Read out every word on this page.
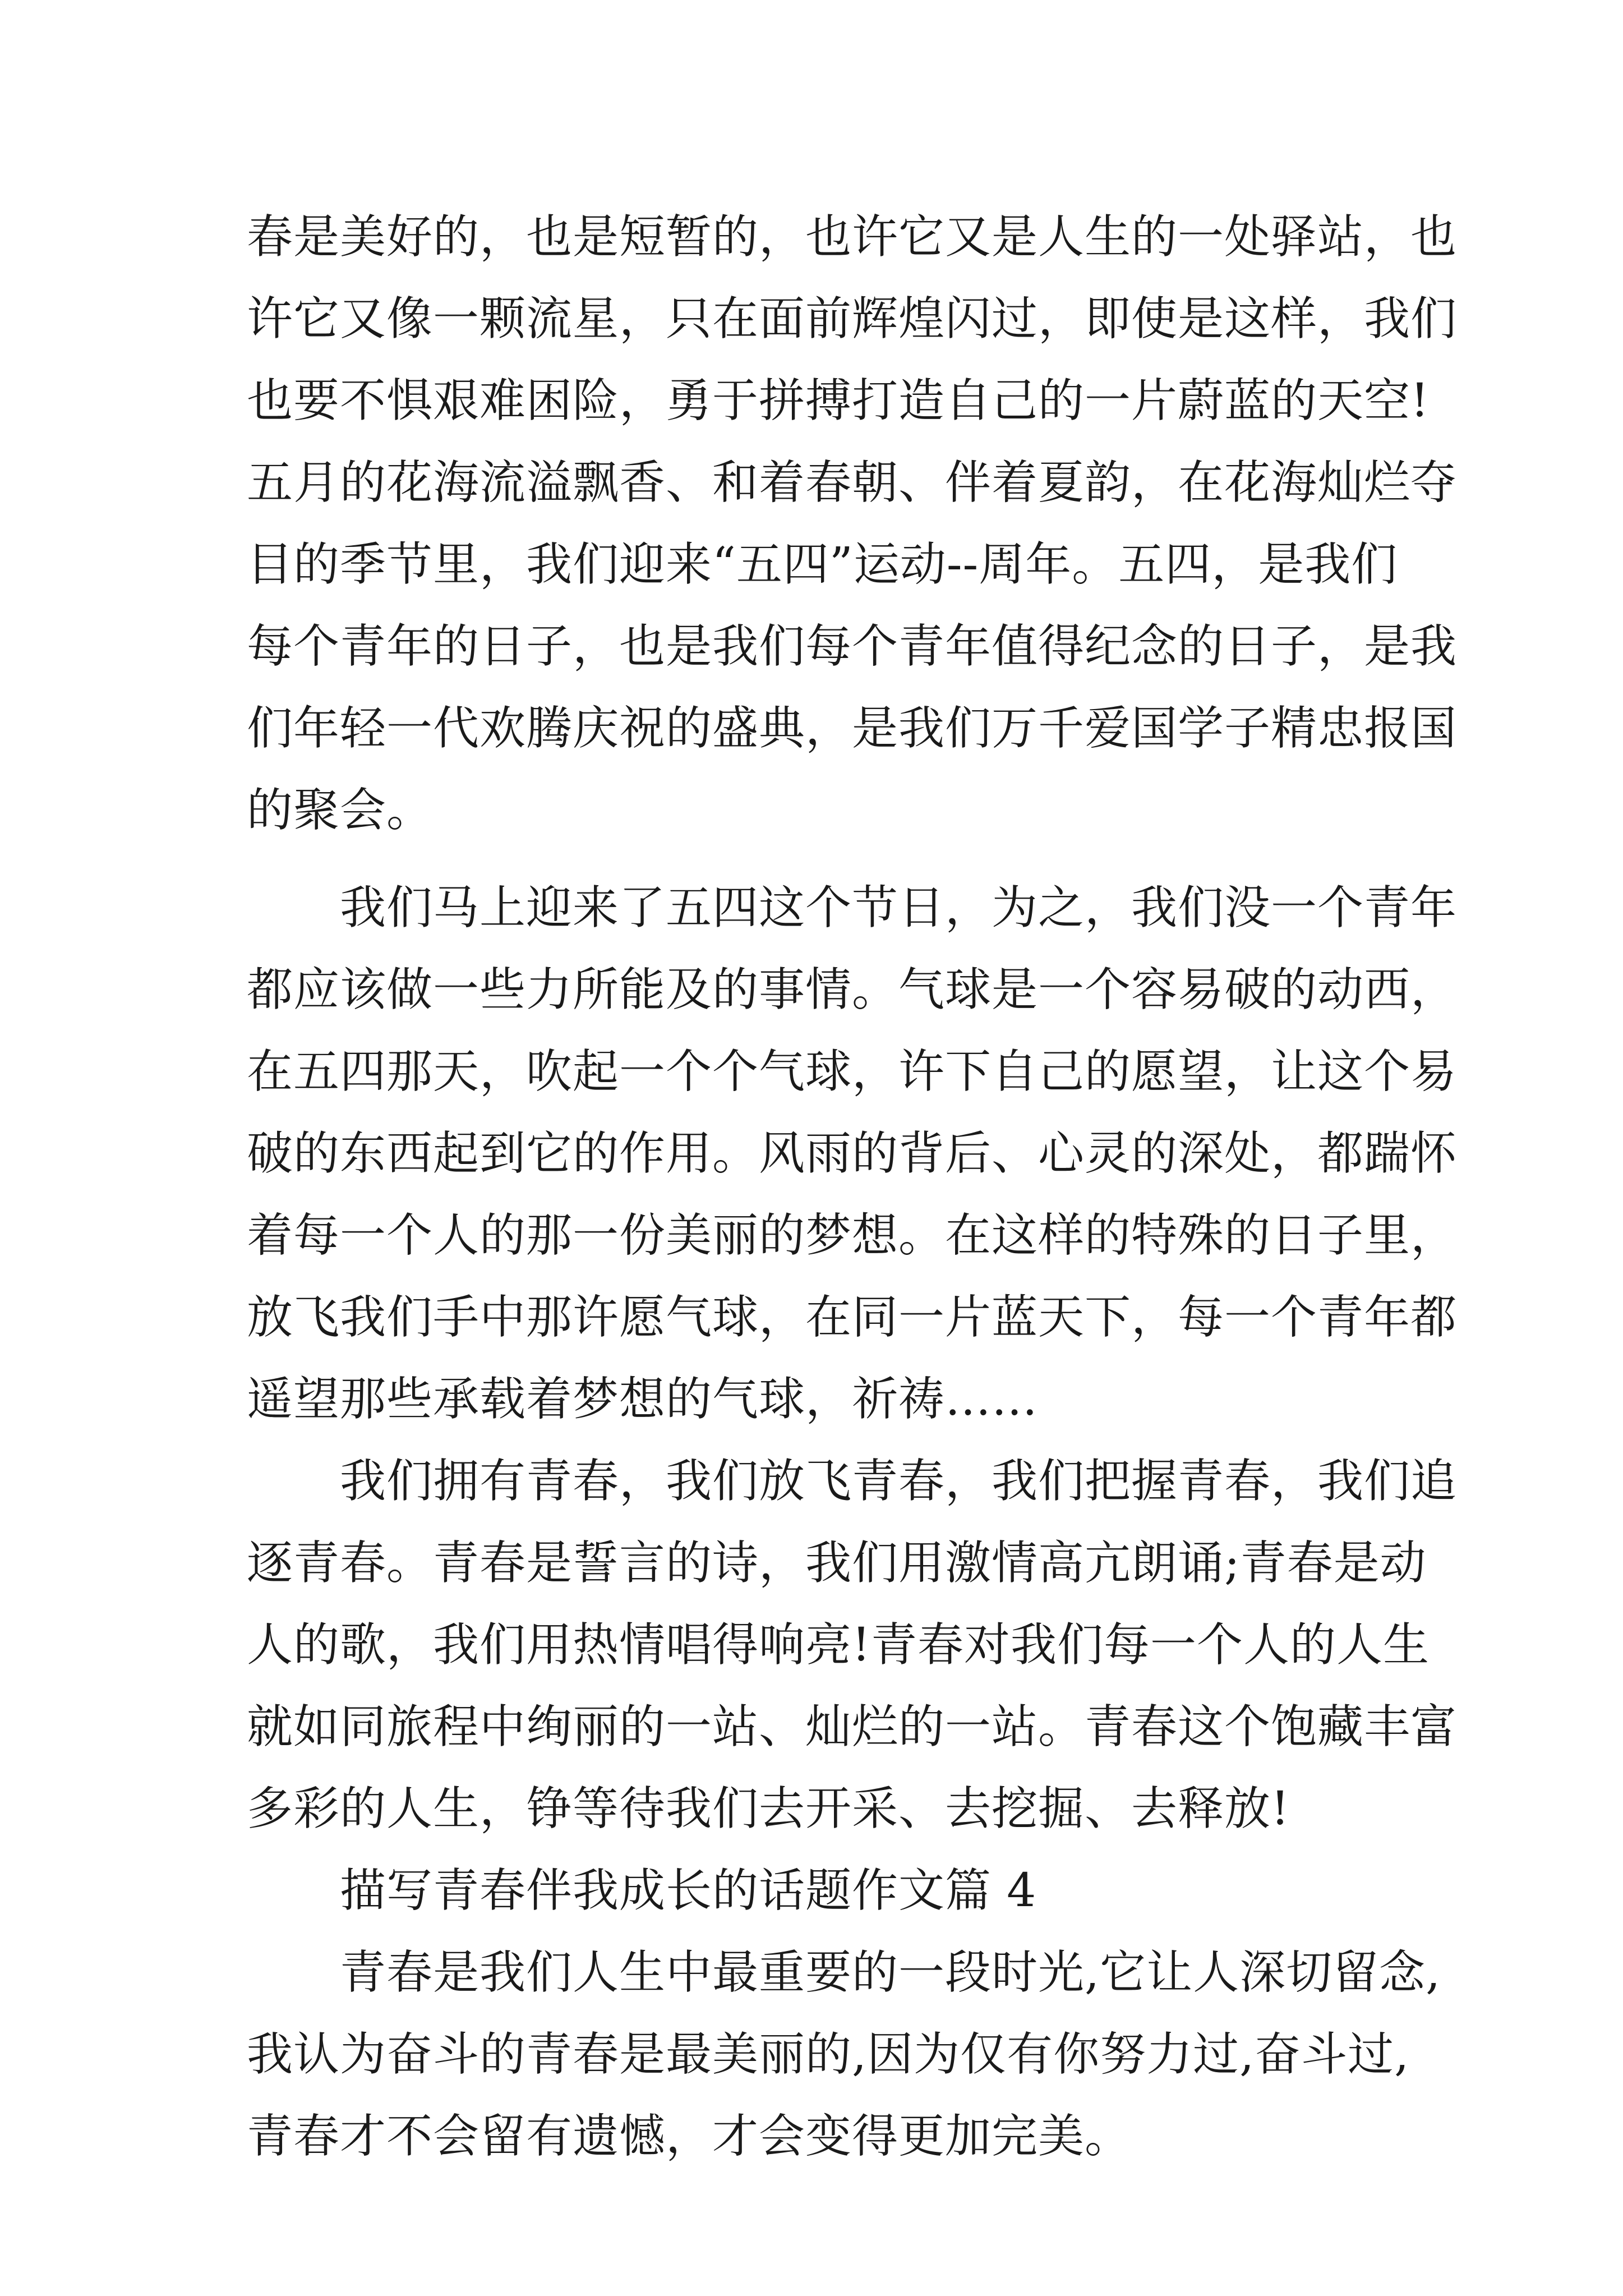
春是美好的，也是短暂的，也许它又是人生的一处驿站，也
许它又像一颗流星，只在面前辉煌闪过，即使是这样，我们
也要不惧艰难困险，勇于拼搏打造自己的一片蔚蓝的天空!
五月的花海流溢飘香、和着春朝、伴着夏韵，在花海灿烂夺
目的季节里，我们迎来“五四”运动--周年。五四，是我们
每个青年的日子，也是我们每个青年值得纪念的日子，是我
们年轻一代欢腾庆祝的盛典，是我们万千爱国学子精忠报国
的聚会。
我们马上迎来了五四这个节日，为之，我们没一个青年
都应该做一些力所能及的事情。气球是一个容易破的动西，
在五四那天，吹起一个个气球，许下自己的愿望，让这个易
破的东西起到它的作用。风雨的背后、心灵的深处，都踹怀
着每一个人的那一份美丽的梦想。在这样的特殊的日子里，
放飞我们手中那许愿气球，在同一片蓝天下，每一个青年都
遥望那些承载着梦想的气球，祈祷……
我们拥有青春，我们放飞青春，我们把握青春，我们追
逐青春。青春是誓言的诗，我们用激情高亢朗诵;青春是动
人的歌，我们用热情唱得响亮!青春对我们每一个人的人生
就如同旅程中绚丽的一站、灿烂的一站。青春这个饱藏丰富
多彩的人生，铮等待我们去开采、去挖掘、去释放!
描写青春伴我成长的话题作文篇 4
青春是我们人生中最重要的一段时光,它让人深切留念,
我认为奋斗的青春是最美丽的,因为仅有你努力过,奋斗过,
青春才不会留有遗憾，才会变得更加完美。
